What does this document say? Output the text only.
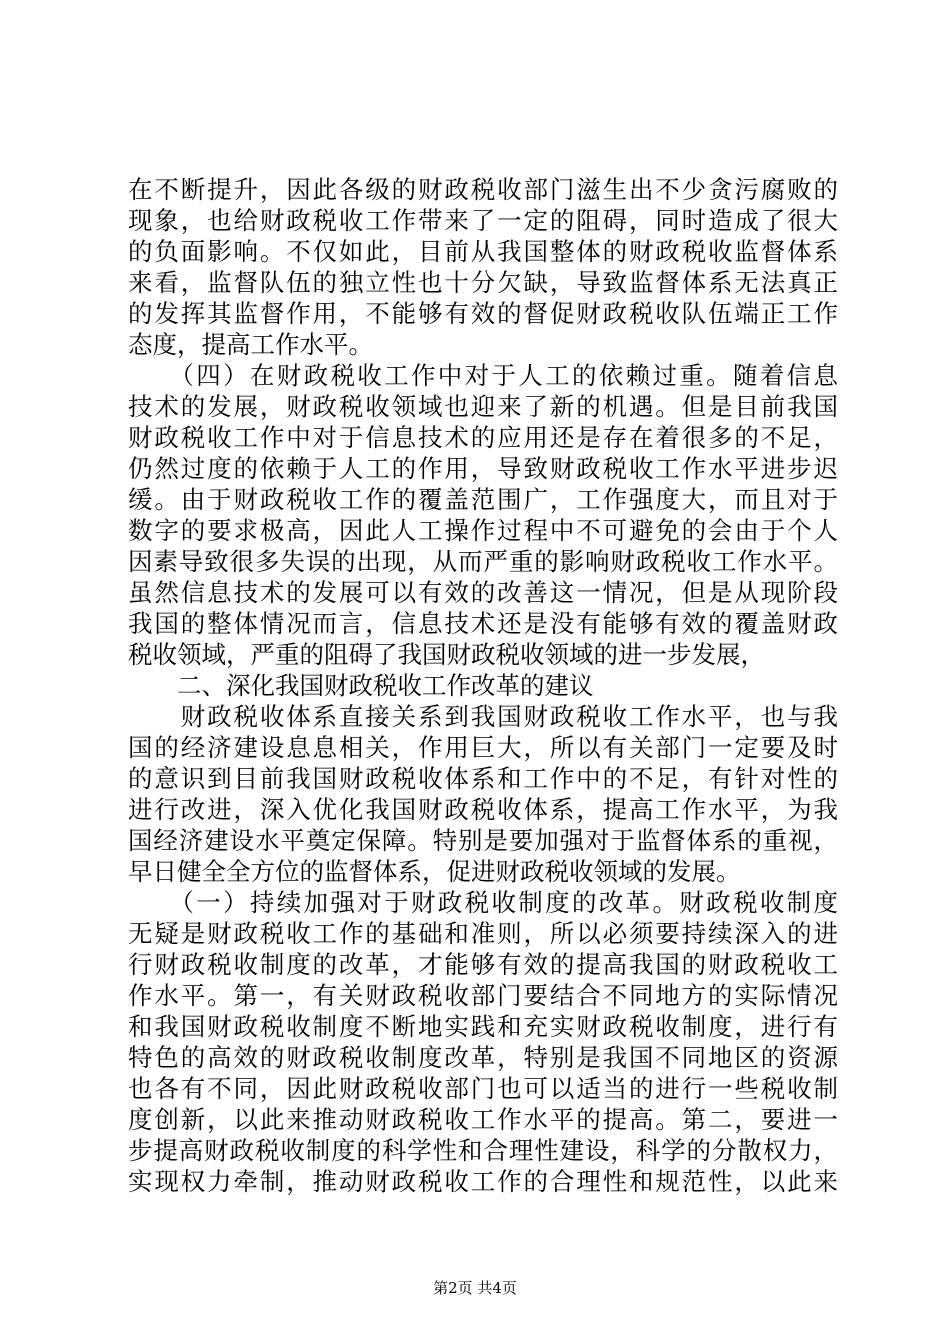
在不断提升，因此各级的财政税收部门滋生出不少贪污腐败的
现象，也给财政税收工作带来了一定的阻碍，同时造成了很大
的负面影响。不仅如此，目前从我国整体的财政税收监督体系
来看，监督队伍的独立性也十分欠缺，导致监督体系无法真正
的发挥其监督作用，不能够有效的督促财政税收队伍端正工作
态度，提高工作水平。
　　（四）在财政税收工作中对于人工的依赖过重。随着信息
技术的发展，财政税收领域也迎来了新的机遇。但是目前我国
财政税收工作中对于信息技术的应用还是存在着很多的不足，
仍然过度的依赖于人工的作用，导致财政税收工作水平进步迟
缓。由于财政税收工作的覆盖范围广，工作强度大，而且对于
数字的要求极高，因此人工操作过程中不可避免的会由于个人
因素导致很多失误的出现，从而严重的影响财政税收工作水平。
虽然信息技术的发展可以有效的改善这一情况，但是从现阶段
我国的整体情况而言，信息技术还是没有能够有效的覆盖财政
税收领域，严重的阻碍了我国财政税收领域的进一步发展，
　　二、深化我国财政税收工作改革的建议
　　财政税收体系直接关系到我国财政税收工作水平，也与我
国的经济建设息息相关，作用巨大，所以有关部门一定要及时
的意识到目前我国财政税收体系和工作中的不足，有针对性的
进行改进，深入优化我国财政税收体系，提高工作水平，为我
国经济建设水平奠定保障。特别是要加强对于监督体系的重视，
早日健全全方位的监督体系，促进财政税收领域的发展。
　　（一）持续加强对于财政税收制度的改革。财政税收制度
无疑是财政税收工作的基础和准则，所以必须要持续深入的进
行财政税收制度的改革，才能够有效的提高我国的财政税收工
作水平。第一，有关财政税收部门要结合不同地方的实际情况
和我国财政税收制度不断地实践和充实财政税收制度，进行有
特色的高效的财政税收制度改革，特别是我国不同地区的资源
也各有不同，因此财政税收部门也可以适当的进行一些税收制
度创新，以此来推动财政税收工作水平的提高。第二，要进一
步提高财政税收制度的科学性和合理性建设，科学的分散权力，
实现权力牵制，推动财政税收工作的合理性和规范性，以此来
第2页 共4页
